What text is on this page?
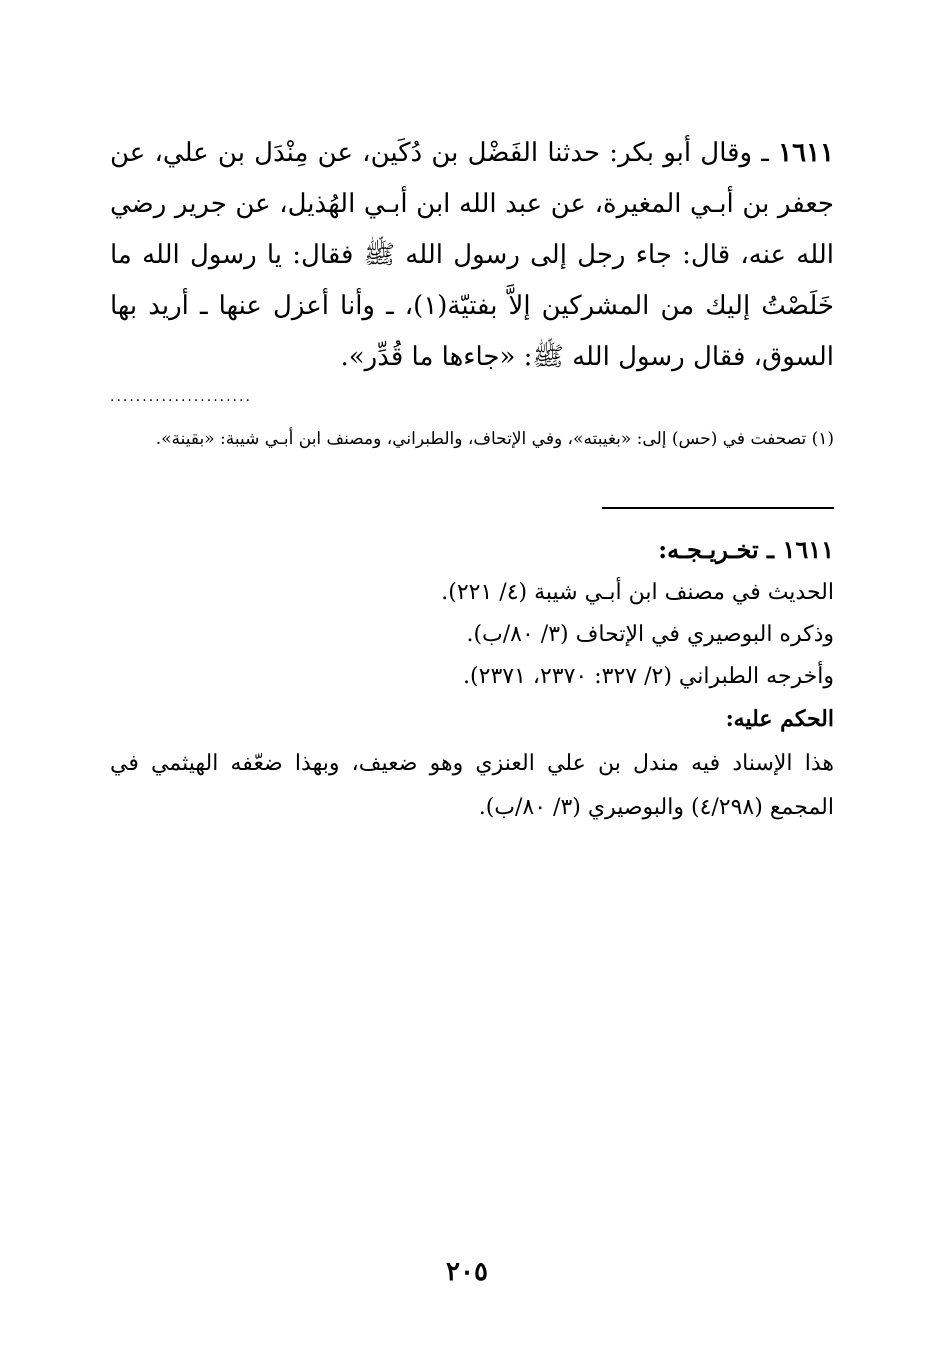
١٦١١ ـ وقال أبو بكر: حدثنا الفَضْل بن دُكَين، عن مِنْدَل بن علي، عن جعفر بن أبـي المغيرة، عن عبد الله ابن أبـي الهُذيل، عن جرير رضي الله عنه، قال: جاء رجل إلى رسول الله ﷺ فقال: يا رسول الله ما خَلَصْتُ إليك من المشركين إلاَّ بفتيّة(١)، ـ وأنا أعزل عنها ـ أريد بها السوق، فقال رسول الله ﷺ: «جاءها ما قُدِّر».

......................

(١) تصحفت في (حس) إلى: «بغيبته»، وفي الإتحاف، والطبراني، ومصنف ابن أبـي شيبة: «بقينة».

١٦١١ ـ تخـريـجـه:
الحديث في مصنف ابن أبـي شيبة (٤/ ٢٢١).
وذكره البوصيري في الإتحاف (٣/ ٨٠/ب).
وأخرجه الطبراني (٢/ ٣٢٧: ٢٣٧٠، ٢٣٧١).
الحكم عليه:

هذا الإسناد فيه مندل بن علي العنزي وهو ضعيف، وبهذا ضعّفه الهيثمي في المجمع (٤/٢٩٨) والبوصيري (٣/ ٨٠/ب).

٢٠٥
